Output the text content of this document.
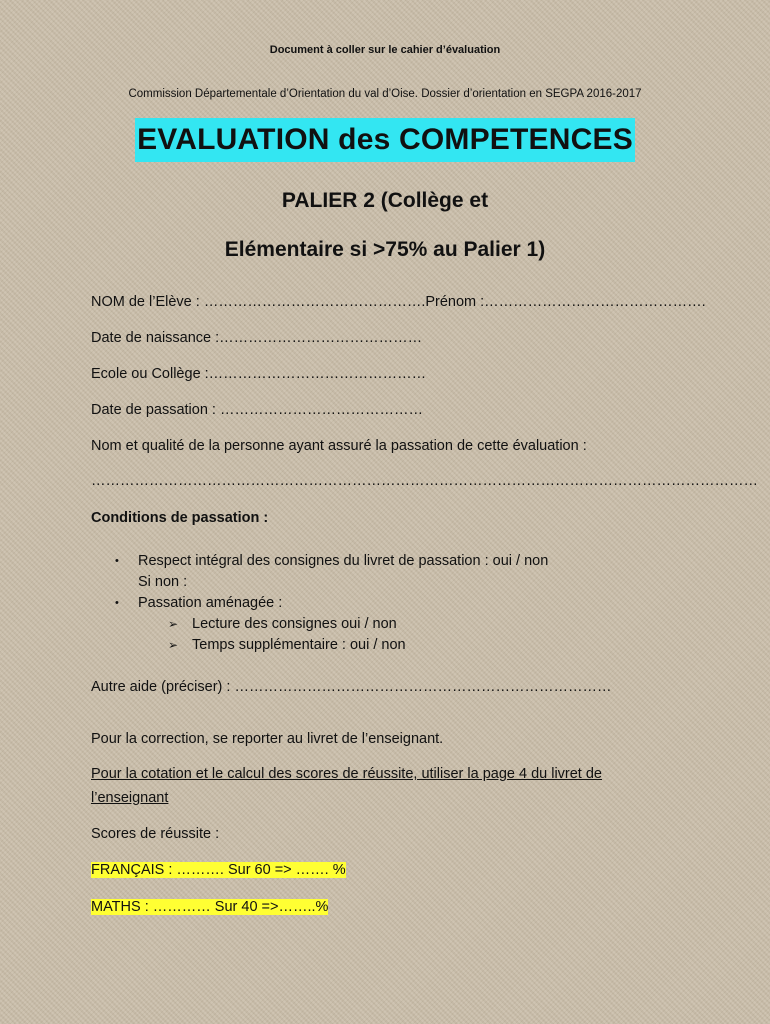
Document à coller sur le cahier d’évaluation
Commission Départementale d’Orientation du val d’Oise. Dossier d’orientation en SEGPA 2016-2017
EVALUATION des COMPETENCES
PALIER 2 (Collège et
Elémentaire si >75% au Palier 1)
NOM de l’Elève : ……………………………………….Prénom :……………………………………….
Date de naissance :……………………………………
Ecole ou Collège :………………………………………
Date de passation : ……………………………………
Nom et qualité de la personne ayant assuré la passation de cette évaluation :
…………………………………………………………………………………………………………………………
Conditions de passation :
• Respect intégral des consignes du livret de passation : oui / non
Si non :
• Passation aménagée :
➢ Lecture des consignes oui / non
➢ Temps supplémentaire : oui / non
Autre aide (préciser) : ……………………………………………………………………
Pour la correction, se reporter au livret de l’enseignant.
Pour la cotation et le calcul des scores de réussite, utiliser la page 4 du livret de
l’enseignant
Scores de réussite :
FRANÇAIS : ………. Sur 60 => ……. %
MATHS : ………… Sur 40 =>……..%
